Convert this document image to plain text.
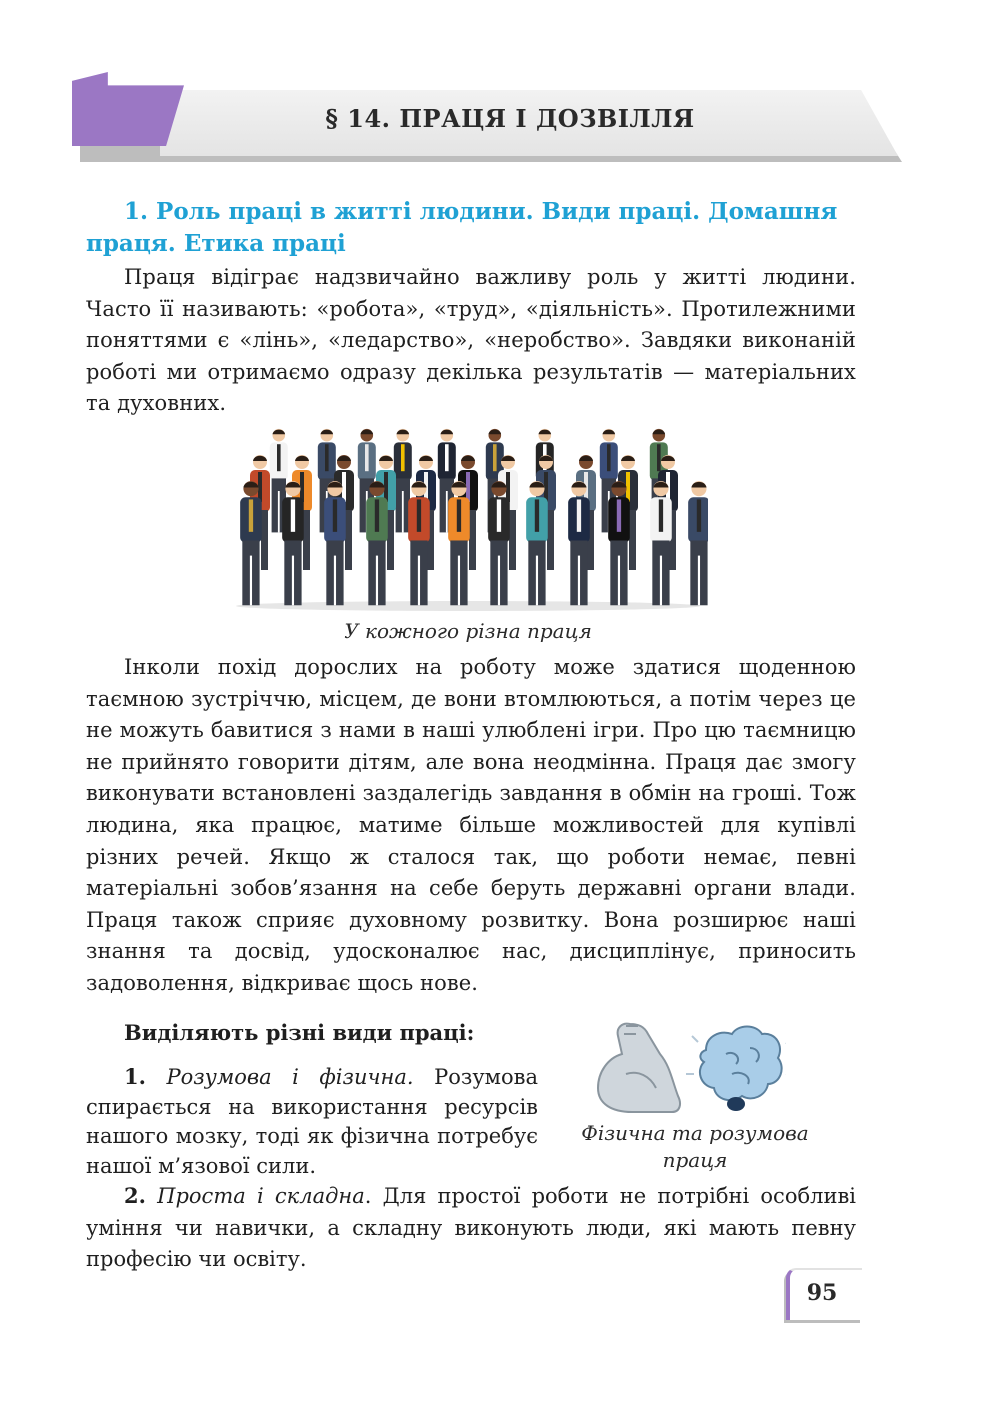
§ 14. ПРАЦЯ І ДОЗВІЛЛЯ

1. Роль праці в житті людини. Види праці. Домашня праця. Етика праці

Праця відіграє надзвичайно важливу роль у житті людини. Часто її називають: «робота», «труд», «діяльність». Протилежними поняттями є «лінь», «ледарство», «неробство». Завдяки виконаній роботі ми отримаємо одразу декілька результатів — матеріальних та духовних.

У кожного різна праця

Інколи похід дорослих на роботу може здатися щоденною таємною зустріччю, місцем, де вони втомлюються, а потім через це не можуть бавитися з нами в наші улюблені ігри. Про цю таємницю не прийнято говорити дітям, але вона неодмінна. Праця дає змогу виконувати встановлені заздалегідь завдання в обмін на гроші. Тож людина, яка працює, матиме більше можливостей для купівлі різних речей. Якщо ж сталося так, що роботи немає, певні матеріальні зобов’язання на себе беруть державні органи влади. Праця також сприяє духовному розвитку. Вона розширює наші знання та досвід, удосконалює нас, дисциплінує, приносить задоволення, відкриває щось нове.

Виділяють різні види праці:

1. Розумова і фізична. Розумова спирається на використання ресурсів нашого мозку, тоді як фізична потребує нашої м’язової сили.

Фізична та розумова праця

2. Проста і складна. Для простої роботи не потрібні особливі уміння чи навички, а складну виконують люди, які мають певну професію чи освіту.

95
